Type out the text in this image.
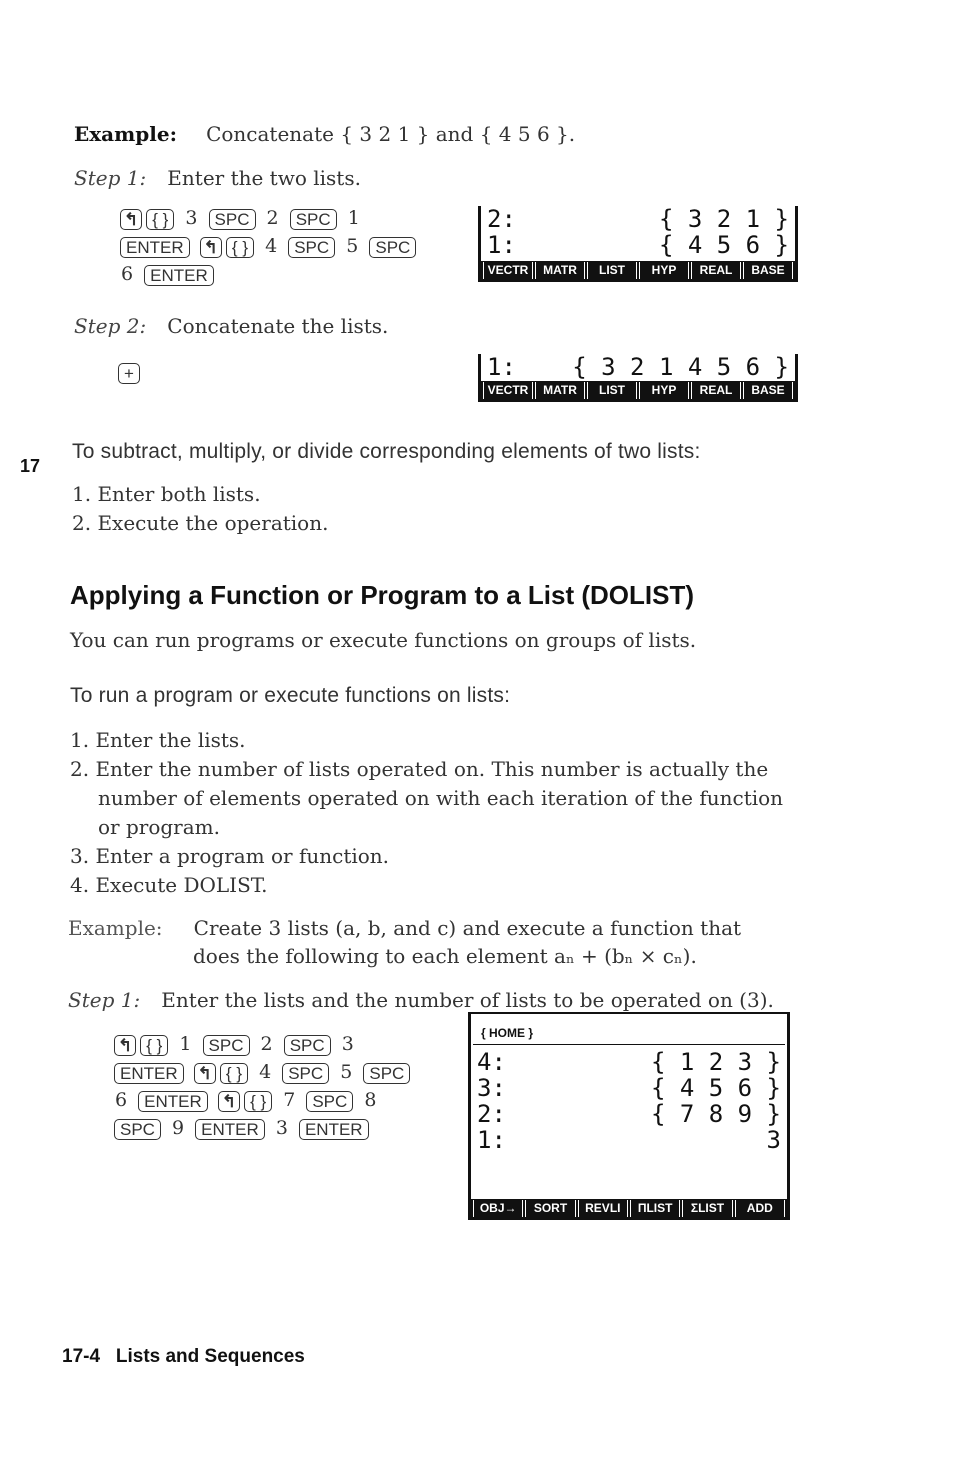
Example: Concatenate { 3 2 1 } and { 4 5 6 }.
Step 1: Enter the two lists.
↰ { } 3 SPC 2 SPC 1
ENTER ↰ { } 4 SPC 5 SPC
6 ENTER
2:	{ 3 2 1 }
1:	{ 4 5 6 }
VECTR	MATR	LIST	HYP	REAL	BASE
Step 2: Concatenate the lists.
+	1: { 3 2 1 4 5 6 }
VECTR	MATR	LIST	HYP	REAL	BASE
17
To subtract, multiply, or divide corresponding elements of two lists:
1. Enter both lists.
2. Execute the operation.
Applying a Function or Program to a List (DOLIST)
You can run programs or execute functions on groups of lists.
To run a program or execute functions on lists:
1. Enter the lists.
2. Enter the number of lists operated on. This number is actually the
number of elements operated on with each iteration of the function
or program.
3. Enter a program or function.
4. Execute DOLIST.
Example: Create 3 lists (a, b, and c) and execute a function that
does the following to each element aₙ + (bₙ × cₙ).
Step 1: Enter the lists and the number of lists to be operated on (3).
↰ { } 1 SPC 2 SPC 3
ENTER ↰ { } 4 SPC 5 SPC
6 ENTER ↰ { } 7 SPC 8
SPC 9 ENTER 3 ENTER
{ HOME }
4:	{ 1 2 3 }
3:	{ 4 5 6 }
2:	{ 7 8 9 }
1:	3
OBJ→	SORT	REVLI	ΠLIST	ΣLIST	ADD
17-4   Lists and Sequences
